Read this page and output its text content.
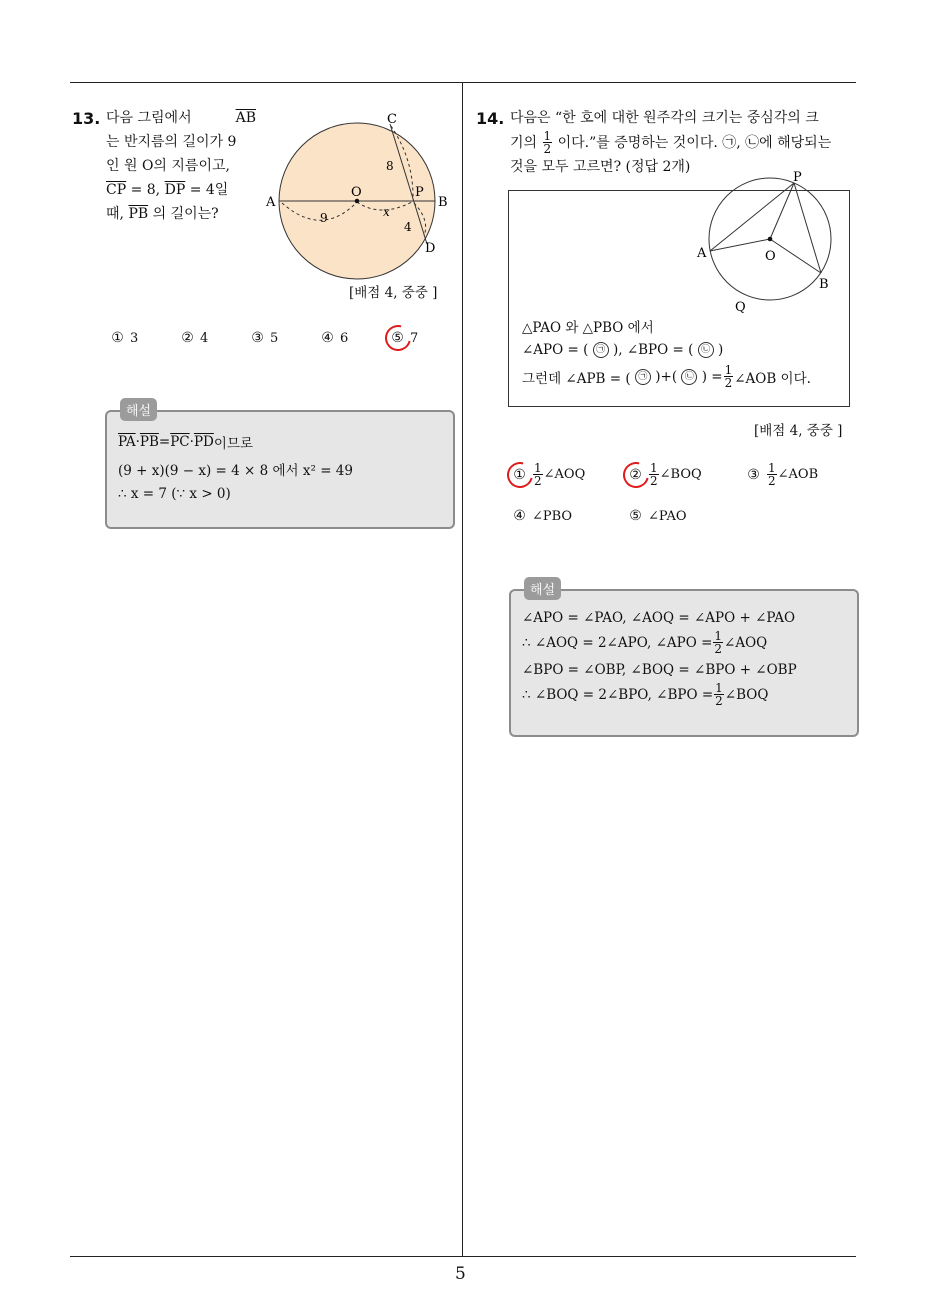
5
13. 다음 그림에서	$\overline{AB}$
는 반지름의 길이가 9
인 원 O의 지름이고,
$\overline{CP} = 8$, $\overline{DP} = 4$일
때, $\overline{PB}$ 의 길이는?
C
A	B
O	P
D
9
8
4
x
[배점 4, 중중 ]
① 3	② 4	③ 5	④ 6	⑤ 7
해설
$\overline{PA} \cdot \overline{PB} = \overline{PC} \cdot \overline{PD}$ 이므로
(9 + x)(9 − x) = 4 × 8 에서 x² = 49
∴ x = 7 (∵ x > 0)
14. 다음은 “한 호에 대한 원주각의 크기는 중심각의 크
기의
$\frac{1}{2}$
이다.”를 증명하는 것이다. ㉠, ㉡에 해당되는
것을 모두 고르면? (정답 2개)
P
A	O
B
Q
△PAO 와 △PBO 에서
∠APO = (
㉠
), ∠BPO = (
㉡
)
그런데 ∠APB = (
㉠
)+(
㉡
) = $\frac{1}{2}$ ∠AOB 이다.
[배점 4, 중중 ]
① $\frac{1}{2}$ ∠AOQ	② $\frac{1}{2}$ ∠BOQ	③ $\frac{1}{2}$ ∠AOB
④ ∠PBO	⑤ ∠PAO
해설
∠APO = ∠PAO, ∠AOQ = ∠APO + ∠PAO
∴ ∠AOQ = 2∠APO, ∠APO = $\frac{1}{2}$ ∠AOQ
∠BPO = ∠OBP, ∠BOQ = ∠BPO + ∠OBP
∴ ∠BOQ = 2∠BPO, ∠BPO = $\frac{1}{2}$ ∠BOQ
